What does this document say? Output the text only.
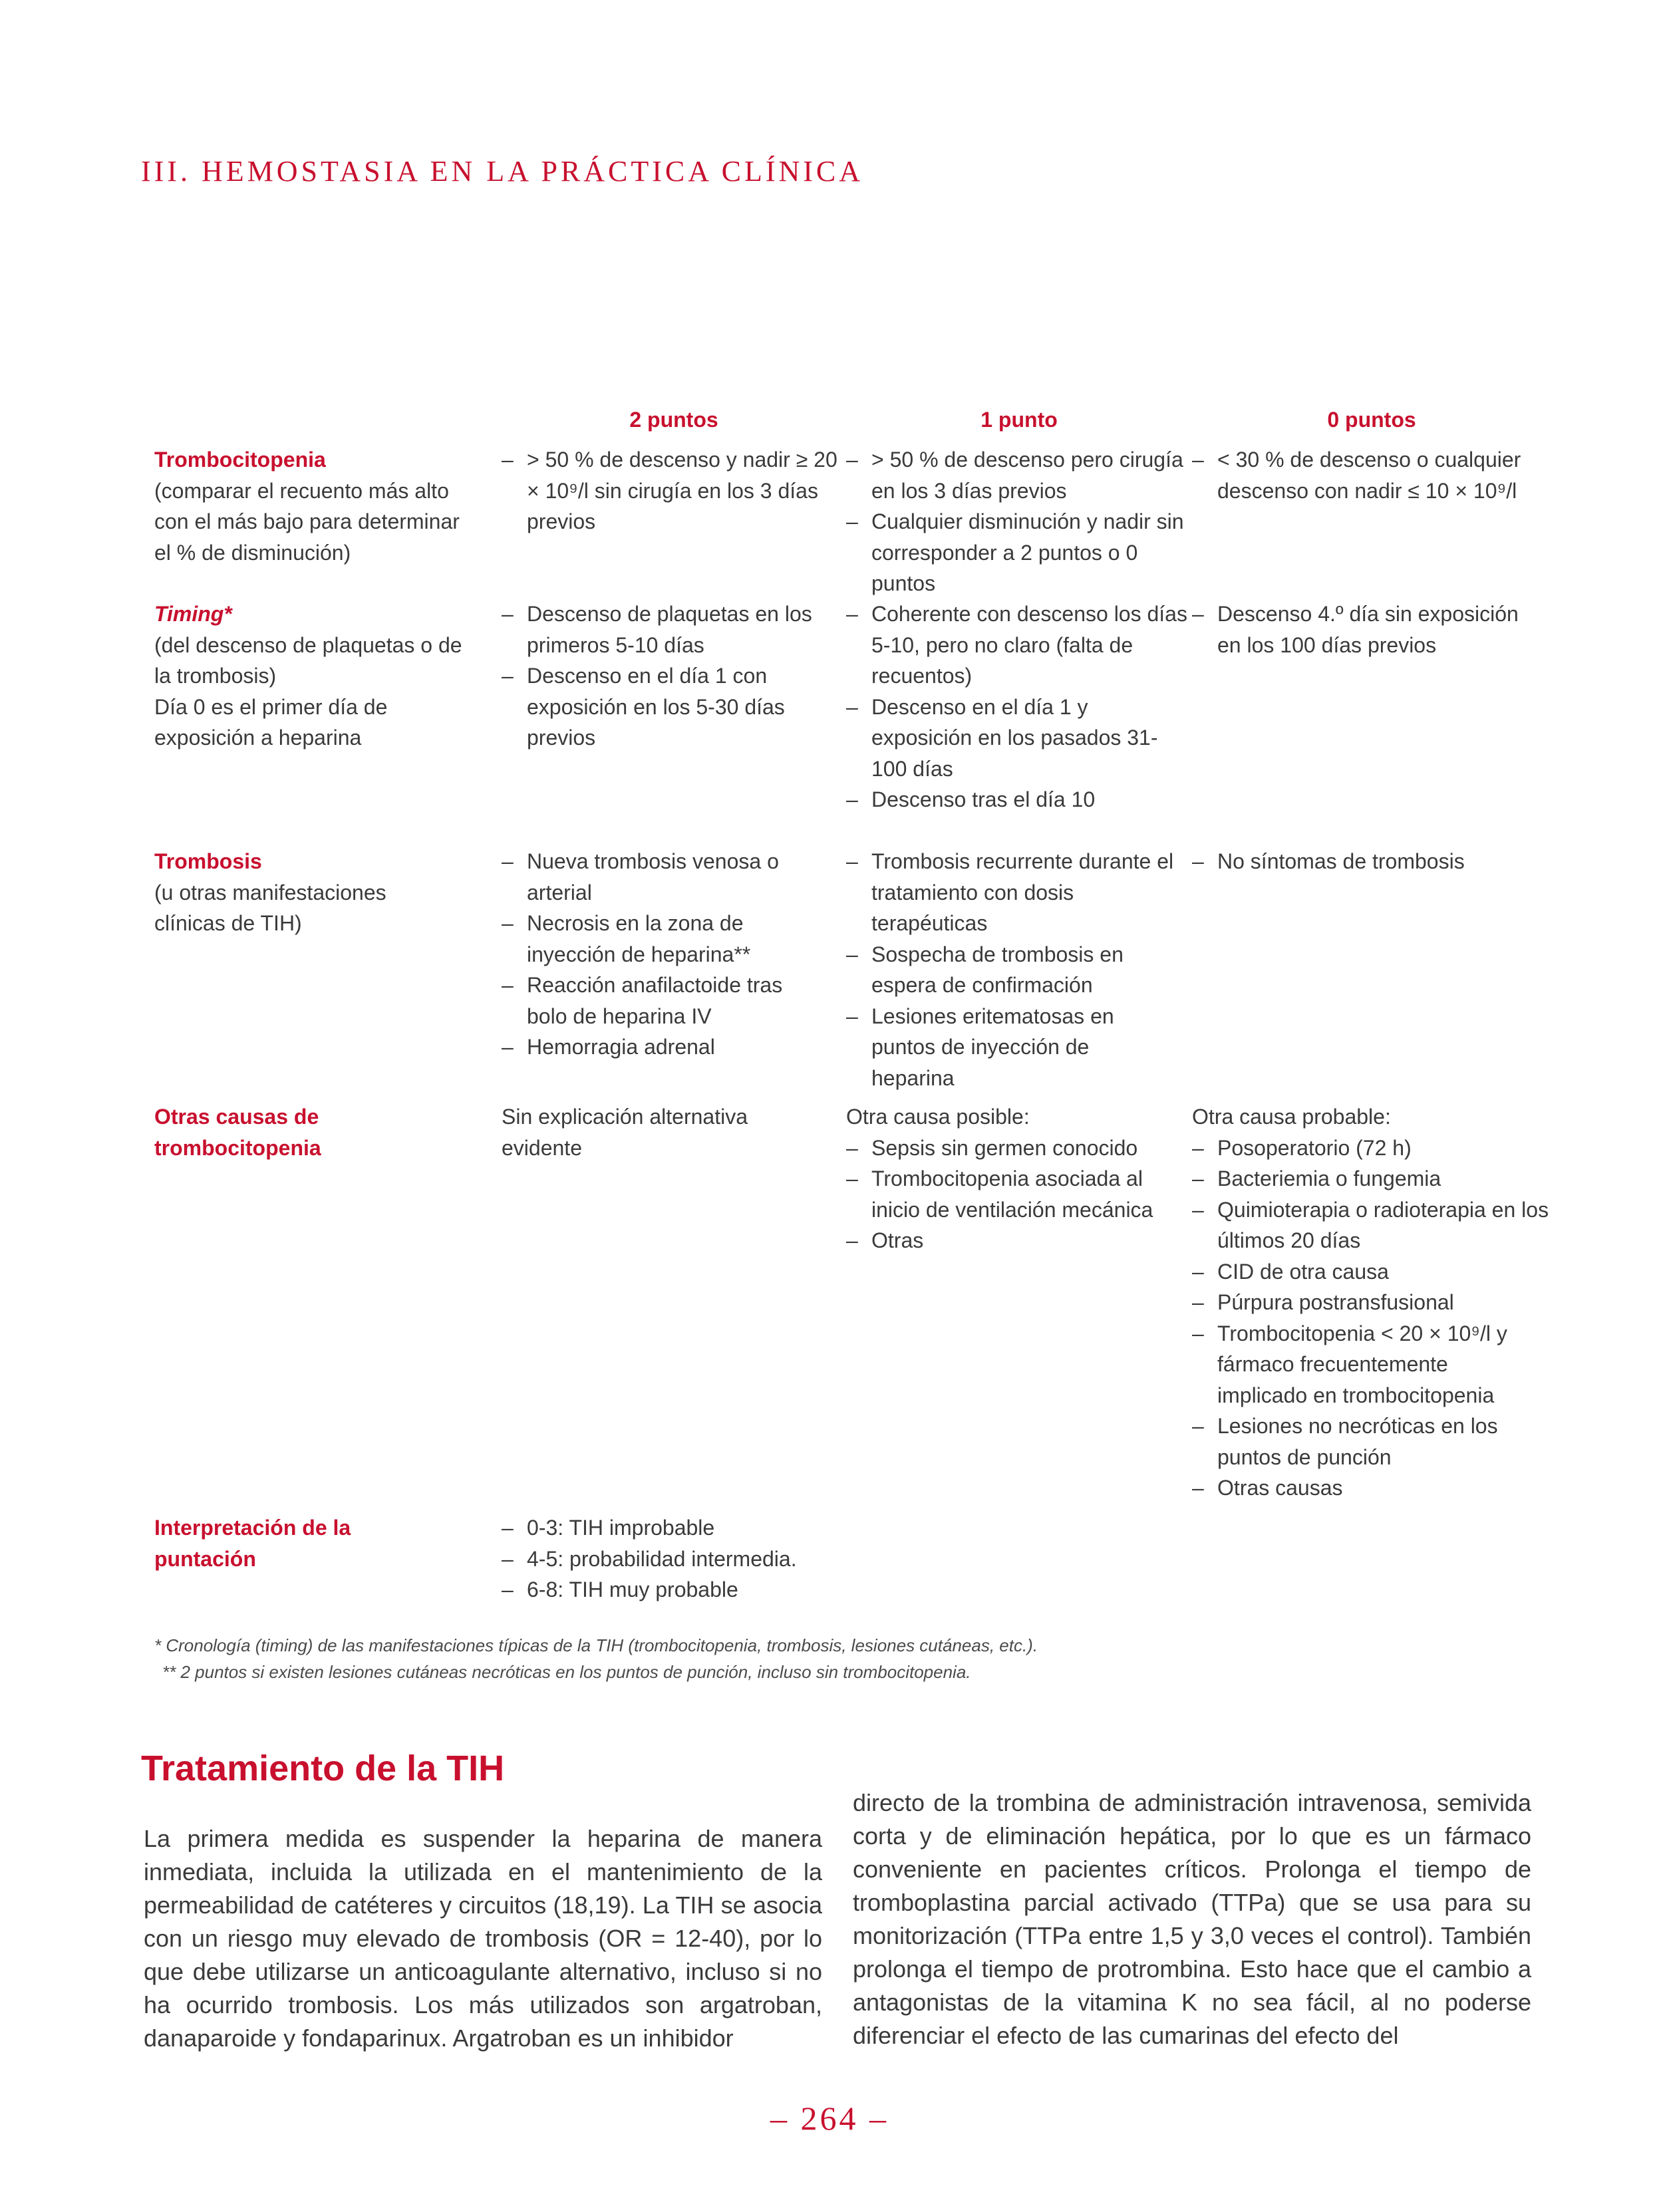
III. HEMOSTASIA EN LA PRÁCTICA CLÍNICA
2 puntos	1 punto	0 puntos
Trombocitopenia
(comparar el recuento más alto con el más bajo para determinar el % de disminución)
– > 50 % de descenso y nadir ≥ 20 × 10⁹/l sin cirugía en los 3 días previos
– > 50 % de descenso pero cirugía en los 3 días previos
– Cualquier disminución y nadir sin corresponder a 2 puntos o 0 puntos
– < 30 % de descenso o cualquier descenso con nadir ≤ 10 × 10⁹/l
Timing*
(del descenso de plaquetas o de la trombosis)
Día 0 es el primer día de exposición a heparina
– Descenso de plaquetas en los primeros 5-10 días
– Descenso en el día 1 con exposición en los 5-30 días previos
– Coherente con descenso los días 5-10, pero no claro (falta de recuentos)
– Descenso en el día 1 y exposición en los pasados 31-100 días
– Descenso tras el día 10
– Descenso 4.º día sin exposición en los 100 días previos
Trombosis
(u otras manifestaciones clínicas de TIH)
– Nueva trombosis venosa o arterial
– Necrosis en la zona de inyección de heparina**
– Reacción anafilactoide tras bolo de heparina IV
– Hemorragia adrenal
– Trombosis recurrente durante el tratamiento con dosis terapéuticas
– Sospecha de trombosis en espera de confirmación
– Lesiones eritematosas en puntos de inyección de heparina
– No síntomas de trombosis
Otras causas de trombocitopenia

Sin explicación alternativa evidente

Otra causa posible:

– Sepsis sin germen conocido
– Trombocitopenia asociada al inicio de ventilación mecánica
– Otras

Otra causa probable:

– Posoperatorio (72 h)
– Bacteriemia o fungemia
– Quimioterapia o radioterapia en los últimos 20 días
– CID de otra causa
– Púrpura postransfusional
– Trombocitopenia < 20 × 10⁹/l y fármaco frecuentemente implicado en trombocitopenia
– Lesiones no necróticas en los puntos de punción
– Otras causas
Interpretación de la puntación
– 0-3: TIH improbable
– 4-5: probabilidad intermedia.
– 6-8: TIH muy probable
* Cronología (timing) de las manifestaciones típicas de la TIH (trombocitopenia, trombosis, lesiones cutáneas, etc.).
** 2 puntos si existen lesiones cutáneas necróticas en los puntos de punción, incluso sin trombocitopenia.
Tratamiento de la TIH

La primera medida es suspender la heparina de manera inmediata, incluida la utilizada en el mantenimiento de la permeabilidad de catéteres y circuitos (18,19). La TIH se asocia con un riesgo muy elevado de trombosis (OR = 12-40), por lo que debe utilizarse un anticoagulante alternativo, incluso si no ha ocurrido trombosis. Los más utilizados son argatroban, danaparoide y fondaparinux. Argatroban es un inhibidor

directo de la trombina de administración intravenosa, semivida corta y de eliminación hepática, por lo que es un fármaco conveniente en pacientes críticos. Prolonga el tiempo de tromboplastina parcial activado (TTPa) que se usa para su monitorización (TTPa entre 1,5 y 3,0 veces el control). También prolonga el tiempo de protrombina. Esto hace que el cambio a antagonistas de la vitamina K no sea fácil, al no poderse diferenciar el efecto de las cumarinas del efecto del

– 264 –
